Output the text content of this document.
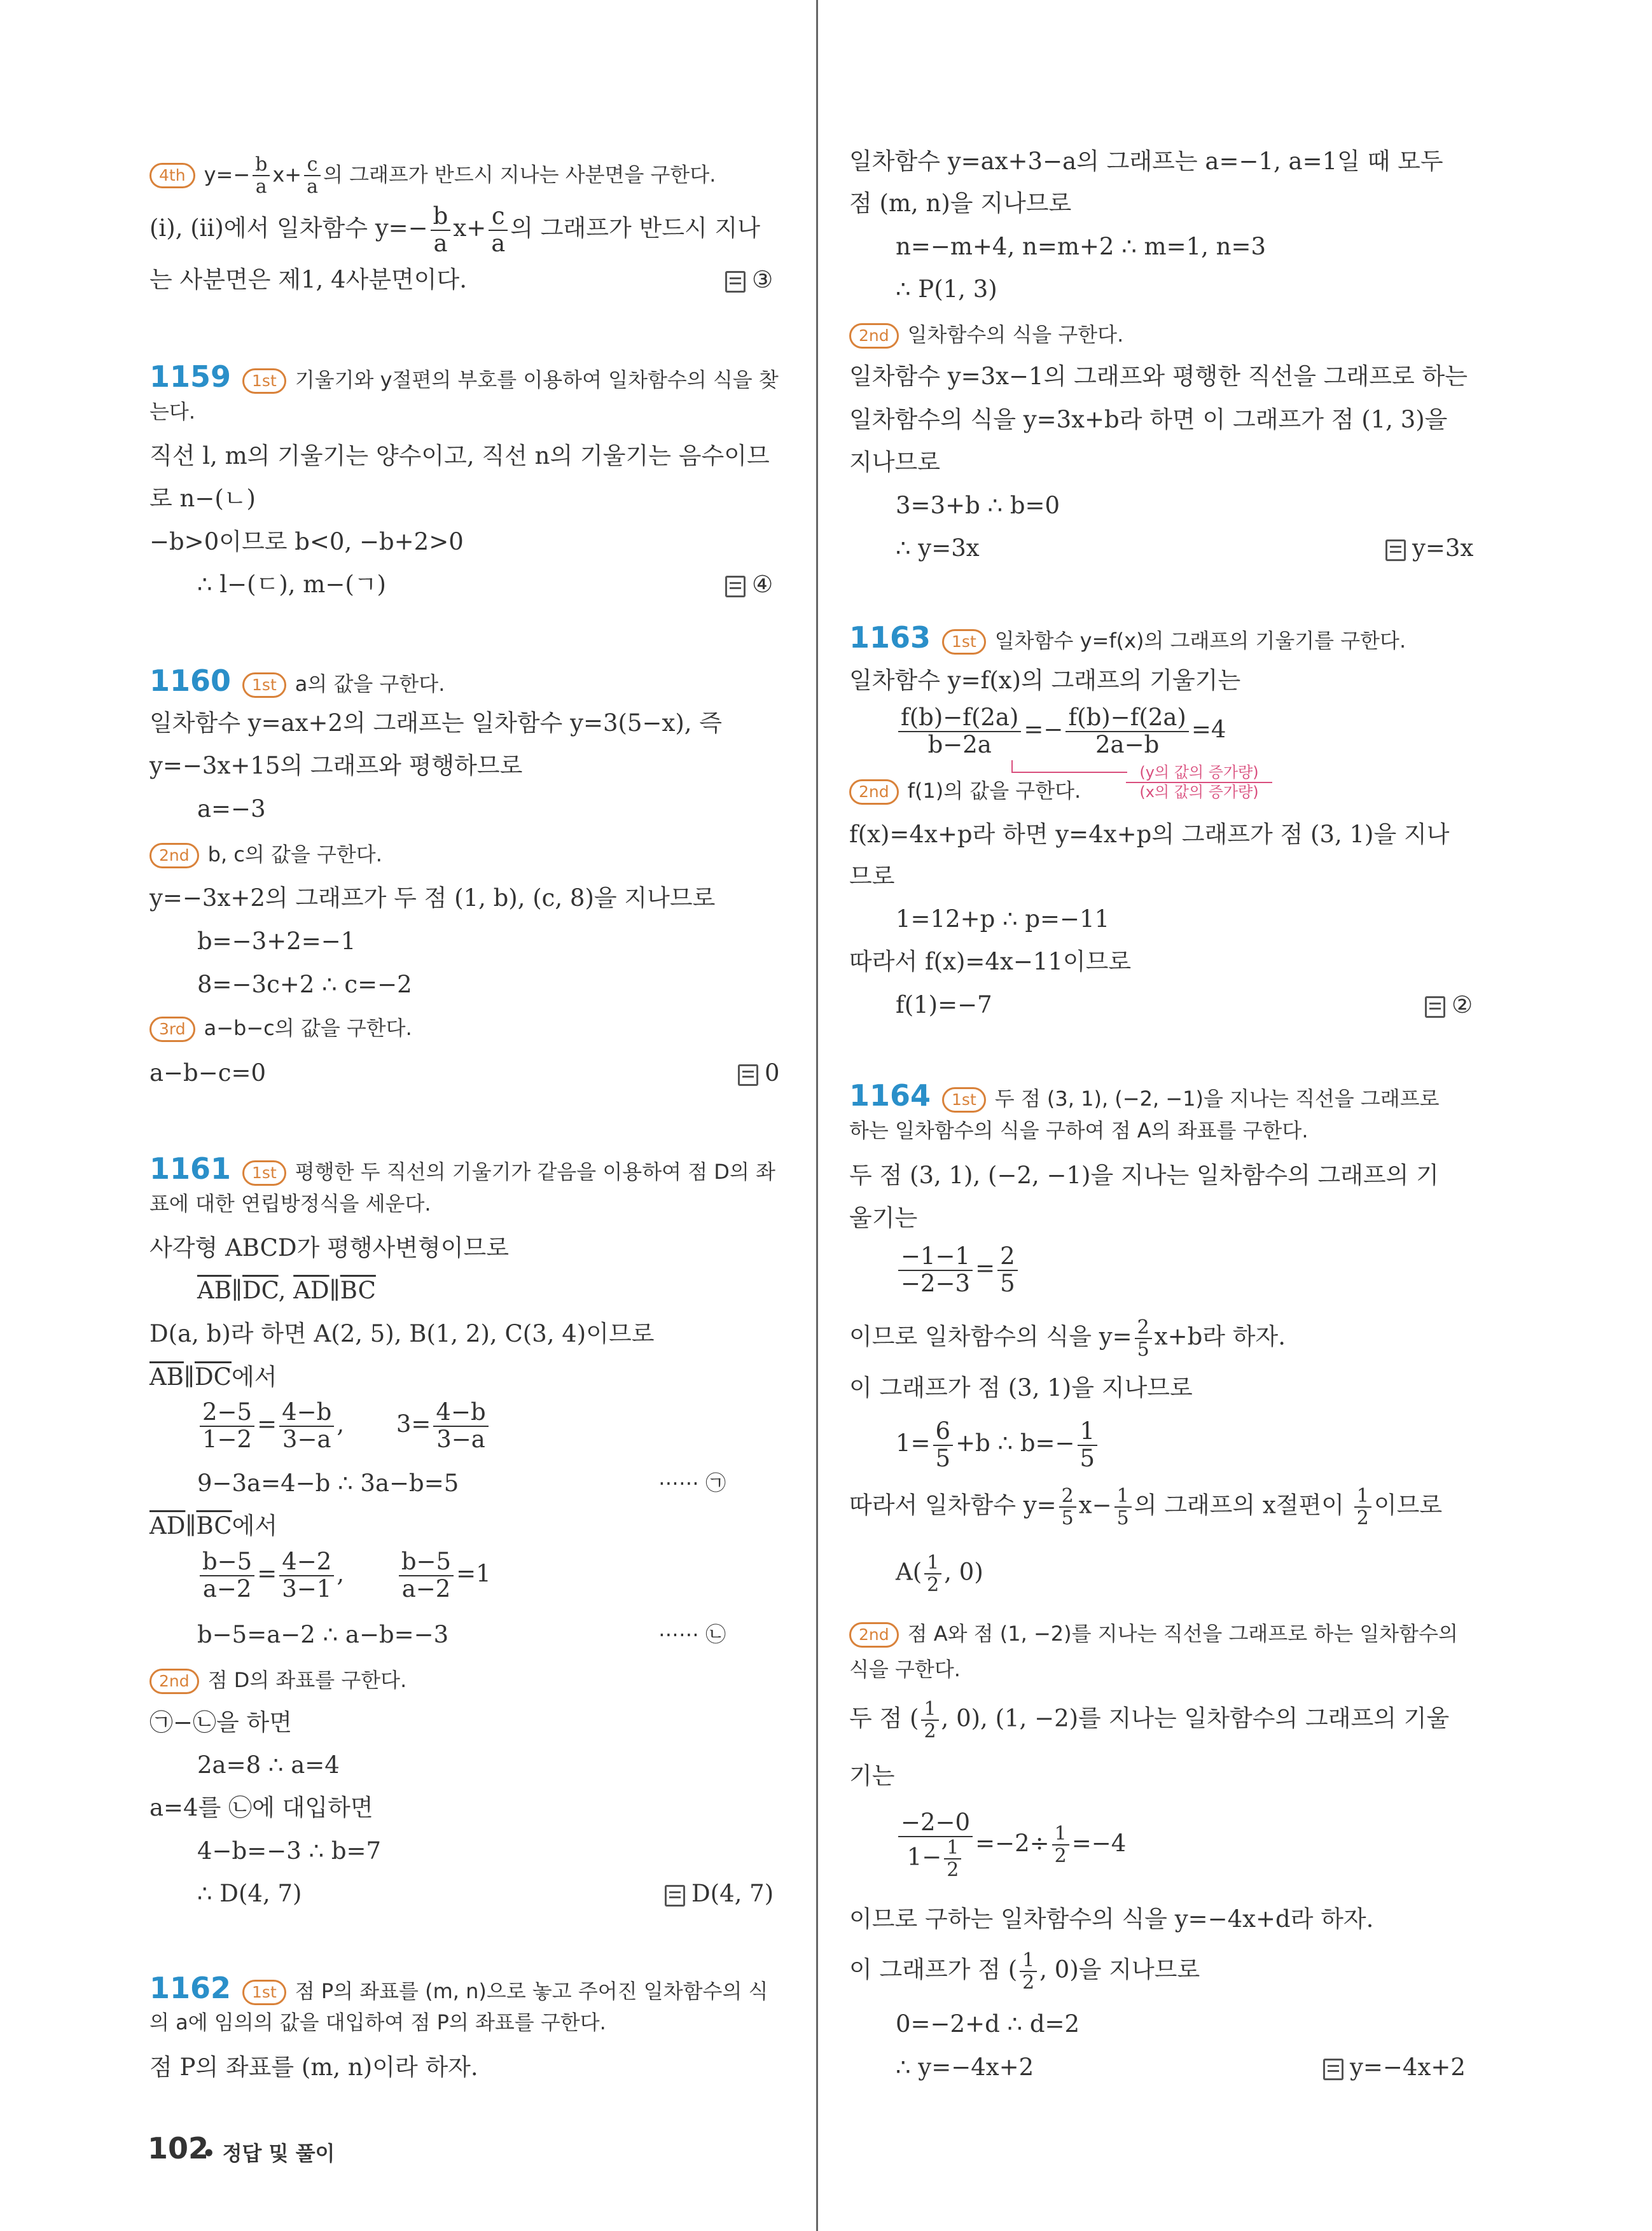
4th $y=- \frac{b}{a} x+ \frac{c}{a}$ 의 그래프가 반드시 지나는 사분면을 구한다.
(ⅰ), (ⅱ)에서 일차함수 $y=- \frac{b}{a} x+ \frac{c}{a}$ 의 그래프가 반드시 지나
는 사분면은 제1, 4사분면이다.	③
1159 1st 기울기와 y절편의 부호를 이용하여 일차함수의 식을 찾
는다.
직선 l, m의 기울기는 양수이고, 직선 n의 기울기는 음수이므
로 n−(ㄴ)
−b>0이므로 b<0, −b+2>0
∴ l−(ㄷ), m−(ㄱ)	④
1160 1st a의 값을 구한다.
일차함수 y=ax+2의 그래프는 일차함수 y=3(5−x), 즉
y=−3x+15의 그래프와 평행하므로
a=−3
2nd b, c의 값을 구한다.
y=−3x+2의 그래프가 두 점 (1, b), (c, 8)을 지나므로
b=−3+2=−1
8=−3c+2 ∴ c=−2
3rd a−b−c의 값을 구한다.
a−b−c=0	0
1161 1st 평행한 두 직선의 기울기가 같음을 이용하여 점 D의 좌
표에 대한 연립방정식을 세운다.
사각형 ABCD가 평행사변형이므로
$\overline{AB}\parallel\overline{DC}$, $\overline{AD}\parallel\overline{BC}$
D(a, b)라 하면 A(2, 5), B(1, 2), C(3, 4)이므로
$\overline{AB}\parallel\overline{DC}$에서
$\frac{2-5}{1-2} = \frac{4-b}{3-a}$ , $3= \frac{4-b}{3-a}$
9−3a=4−b ∴ 3a−b=5	⋯⋯ ㉠
$\overline{AD}\parallel\overline{BC}$에서
$\frac{b-5}{a-2} = \frac{4-2}{3-1}$ , $\frac{b-5}{a-2} =1$
b−5=a−2 ∴ a−b=−3	⋯⋯ ㉡
2nd 점 D의 좌표를 구한다.
㉠−㉡을 하면
2a=8 ∴ a=4
a=4를 ㉡에 대입하면
4−b=−3 ∴ b=7
∴ D(4, 7)	D(4, 7)
1162 1st 점 P의 좌표를 (m, n)으로 놓고 주어진 일차함수의 식
의 a에 임의의 값을 대입하여 점 P의 좌표를 구한다.
점 P의 좌표를 (m, n)이라 하자.
일차함수 y=ax+3−a의 그래프는 a=−1, a=1일 때 모두
점 (m, n)을 지나므로
n=−m+4, n=m+2 ∴ m=1, n=3
∴ P(1, 3)
2nd 일차함수의 식을 구한다.
일차함수 y=3x−1의 그래프와 평행한 직선을 그래프로 하는
일차함수의 식을 y=3x+b라 하면 이 그래프가 점 (1, 3)을
지나므로
3=3+b ∴ b=0
∴ y=3x	y=3x
1163 1st 일차함수 y=f(x)의 그래프의 기울기를 구한다.
일차함수 y=f(x)의 그래프의 기울기는
$\frac{f(b)-f(2a)}{b-2a} =- \frac{f(b)-f(2a)}{2a-b} =4$
(y의 값의 증가량)
(x의 값의 증가량)
2nd f(1)의 값을 구한다.
f(x)=4x+p라 하면 y=4x+p의 그래프가 점 (3, 1)을 지나
므로
1=12+p ∴ p=−11
따라서 f(x)=4x−11이므로
f(1)=−7	②
1164 1st 두 점 (3, 1), (−2, −1)을 지나는 직선을 그래프로
하는 일차함수의 식을 구하여 점 A의 좌표를 구한다.
두 점 (3, 1), (−2, −1)을 지나는 일차함수의 그래프의 기
울기는
$\frac{-1-1}{-2-3} = \frac{2}{5}$
이므로 일차함수의 식을 $y= \frac{2}{5} x+b$라 하자.
이 그래프가 점 (3, 1)을 지나므로
$1= \frac{6}{5} +b$ ∴ $b=- \frac{1}{5}$
따라서 일차함수 $y= \frac{2}{5} x- \frac{1}{5}$ 의 그래프의 x절편이 $\frac{1}{2}$ 이므로
$A( \frac{1}{2}$ , 0)
2nd 점 A와 점 (1, −2)를 지나는 직선을 그래프로 하는 일차함수의
식을 구한다.
두 점 ( $\frac{1}{2}$ , 0), (1, −2)를 지나는 일차함수의 그래프의 기울
기는
$\frac{-2-0}{1- \frac{1}{2}} =-2\div \frac{1}{2} =-4$
이므로 구하는 일차함수의 식을 y=−4x+d라 하자.
이 그래프가 점 ( $\frac{1}{2}$ , 0)을 지나므로
0=−2+d ∴ d=2
∴ y=−4x+2	y=−4x+2
102
• 정답 및 풀이
